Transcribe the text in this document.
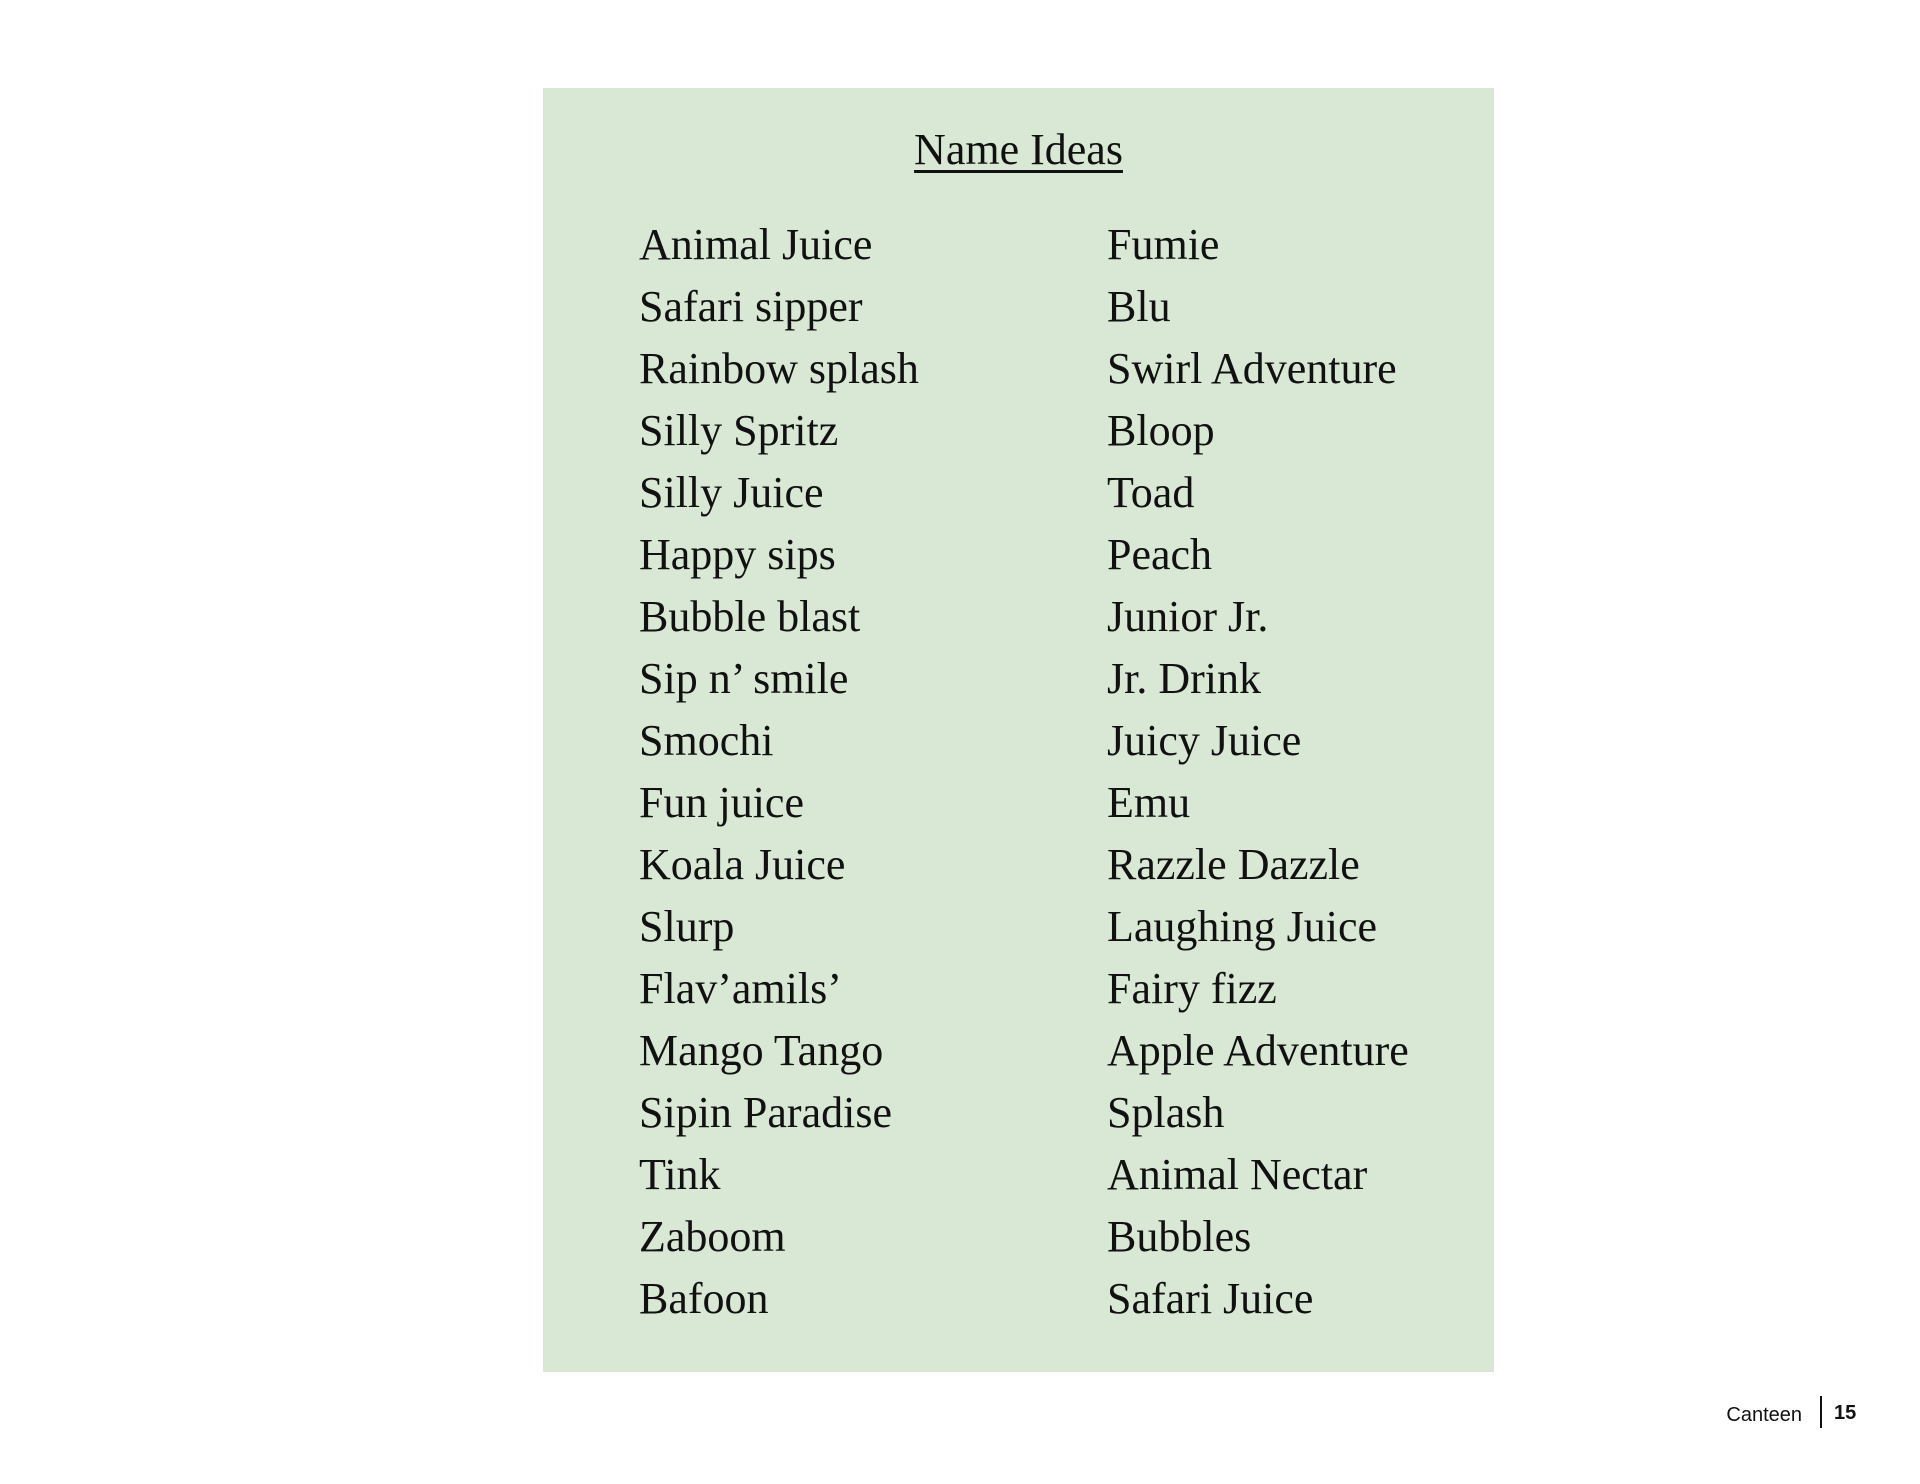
Name Ideas
Animal Juice
Safari sipper
Rainbow splash
Silly Spritz
Silly Juice
Happy sips
Bubble blast
Sip n’ smile
Smochi
Fun juice
Koala Juice
Slurp
Flav’amils’
Mango Tango
Sipin Paradise
Tink
Zaboom
Bafoon
Fumie
Blu
Swirl Adventure
Bloop
Toad
Peach
Junior Jr.
Jr. Drink
Juicy Juice
Emu
Razzle Dazzle
Laughing Juice
Fairy fizz
Apple Adventure
Splash
Animal Nectar
Bubbles
Safari Juice
Canteen 15
